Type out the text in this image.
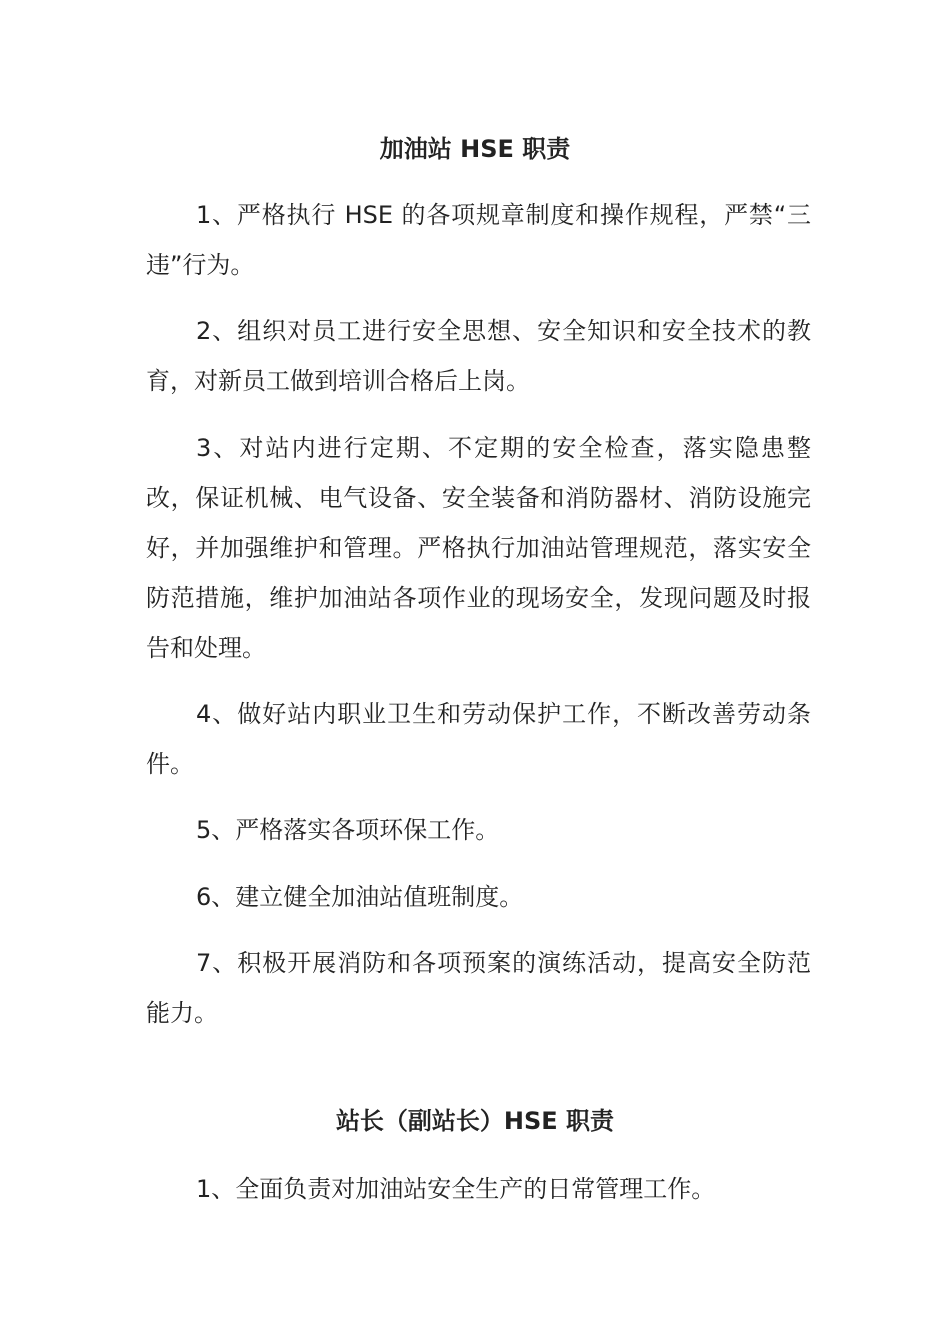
加油站 HSE 职责

1、严格执行 HSE 的各项规章制度和操作规程，严禁“三违”行为。

2、组织对员工进行安全思想、安全知识和安全技术的教育，对新员工做到培训合格后上岗。

3、对站内进行定期、不定期的安全检查，落实隐患整改，保证机械、电气设备、安全装备和消防器材、消防设施完好，并加强维护和管理。严格执行加油站管理规范，落实安全防范措施，维护加油站各项作业的现场安全，发现问题及时报告和处理。

4、做好站内职业卫生和劳动保护工作，不断改善劳动条件。

5、严格落实各项环保工作。

6、建立健全加油站值班制度。

7、积极开展消防和各项预案的演练活动，提高安全防范能力。

站长（副站长）HSE 职责

1、全面负责对加油站安全生产的日常管理工作。
